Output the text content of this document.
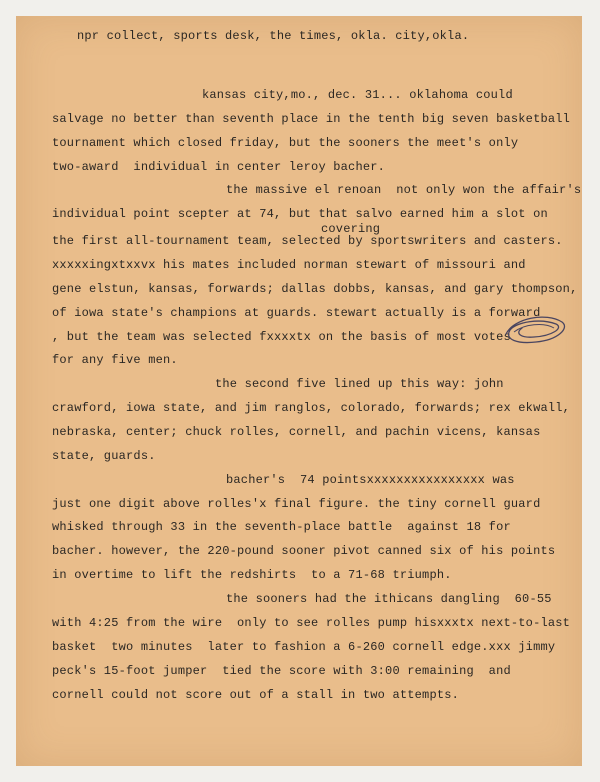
npr collect, sports desk, the times, okla. city,okla.
kansas city,mo., dec. 31... oklahoma could
salvage no better than seventh place in the tenth big seven basketball
tournament which closed friday, but the sooners the meet's only
two-award  individual in center leroy bacher.
the massive el renoan  not only won the affair's
individual point scepter at 74, but that salvo earned him a slot on
covering
the first all-tournament team, selected by sportswriters and casters.
xxxxxingxtxxvx his mates included norman stewart of missouri and
gene elstun, kansas, forwards; dallas dobbs, kansas, and gary thompson,
of iowa state's champions at guards. stewart actually is a forward
, but the team was selected fxxxxtx on the basis of most votes
for any five men.
the second five lined up this way: john
crawford, iowa state, and jim ranglos, colorado, forwards; rex ekwall,
nebraska, center; chuck rolles, cornell, and pachin vicens, kansas
state, guards.
bacher's  74 pointsxxxxxxxxxxxxxxxx was
just one digit above rolles'x final figure. the tiny cornell guard
whisked through 33 in the seventh-place battle  against 18 for
bacher. however, the 220-pound sooner pivot canned six of his points
in overtime to lift the redshirts  to a 71-68 triumph.
the sooners had the ithicans dangling  60-55
with 4:25 from the wire  only to see rolles pump hisxxxtx next-to-last
basket  two minutes  later to fashion a 6-260 cornell edge.xxx jimmy
peck's 15-foot jumper  tied the score with 3:00 remaining  and
cornell could not score out of a stall in two attempts.
